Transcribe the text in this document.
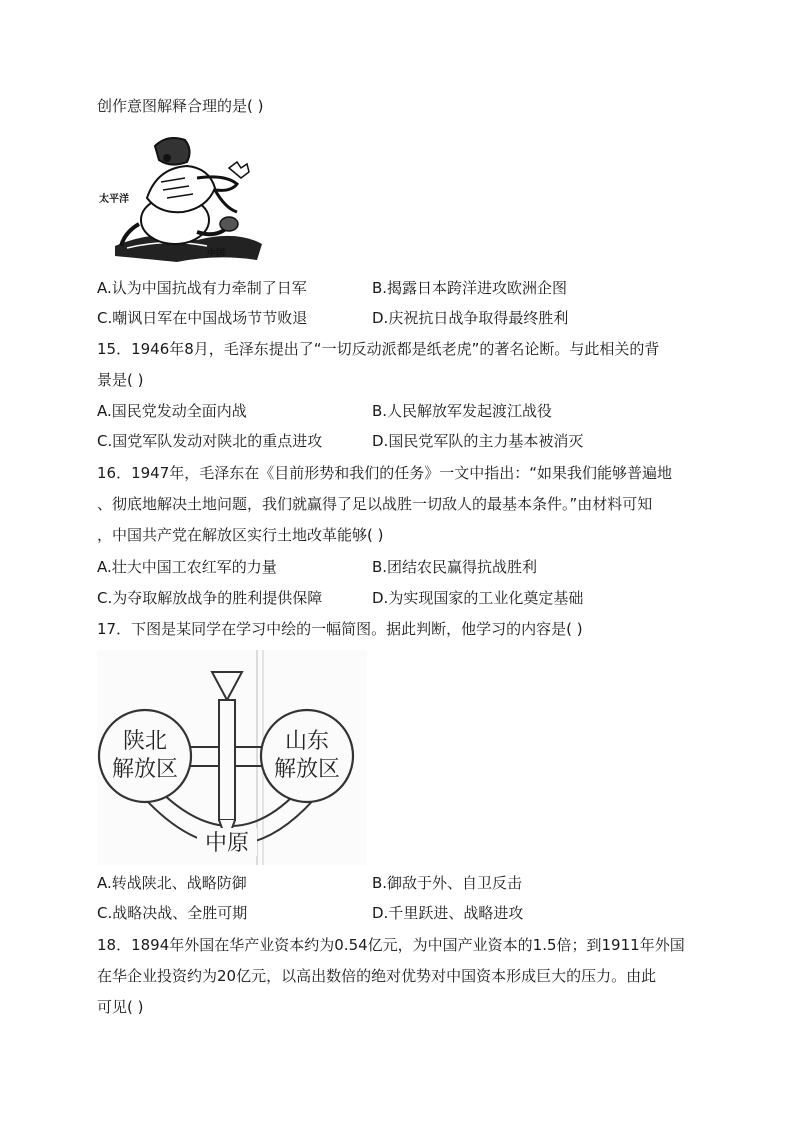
创作意图解释合理的是( )
太平洋
中国
A.认为中国抗战有力牵制了日军	B.揭露日本跨洋进攻欧洲企图
C.嘲讽日军在中国战场节节败退	D.庆祝抗日战争取得最终胜利
15．1946年8月，毛泽东提出了“一切反动派都是纸老虎”的著名论断。与此相关的背
景是( )
A.国民党发动全面内战	B.人民解放军发起渡江战役
C.国党军队发动对陕北的重点进攻	D.国民党军队的主力基本被消灭
16．1947年，毛泽东在《目前形势和我们的任务》一文中指出：“如果我们能够普遍地
、彻底地解决土地问题，我们就赢得了足以战胜一切敌人的最基本条件。”由材料可知
，中国共产党在解放区实行土地改革能够( )
A.壮大中国工农红军的力量	B.团结农民赢得抗战胜利
C.为夺取解放战争的胜利提供保障	D.为实现国家的工业化奠定基础
17．下图是某同学在学习中绘的一幅简图。据此判断，他学习的内容是( )
陕北
解放区
山东
解放区
中原
A.转战陕北、战略防御	B.御敌于外、自卫反击
C.战略决战、全胜可期	D.千里跃进、战略进攻
18．1894年外国在华产业资本约为0.54亿元，为中国产业资本的1.5倍；到1911年外国
在华企业投资约为20亿元，以高出数倍的绝对优势对中国资本形成巨大的压力。由此
可见( )
